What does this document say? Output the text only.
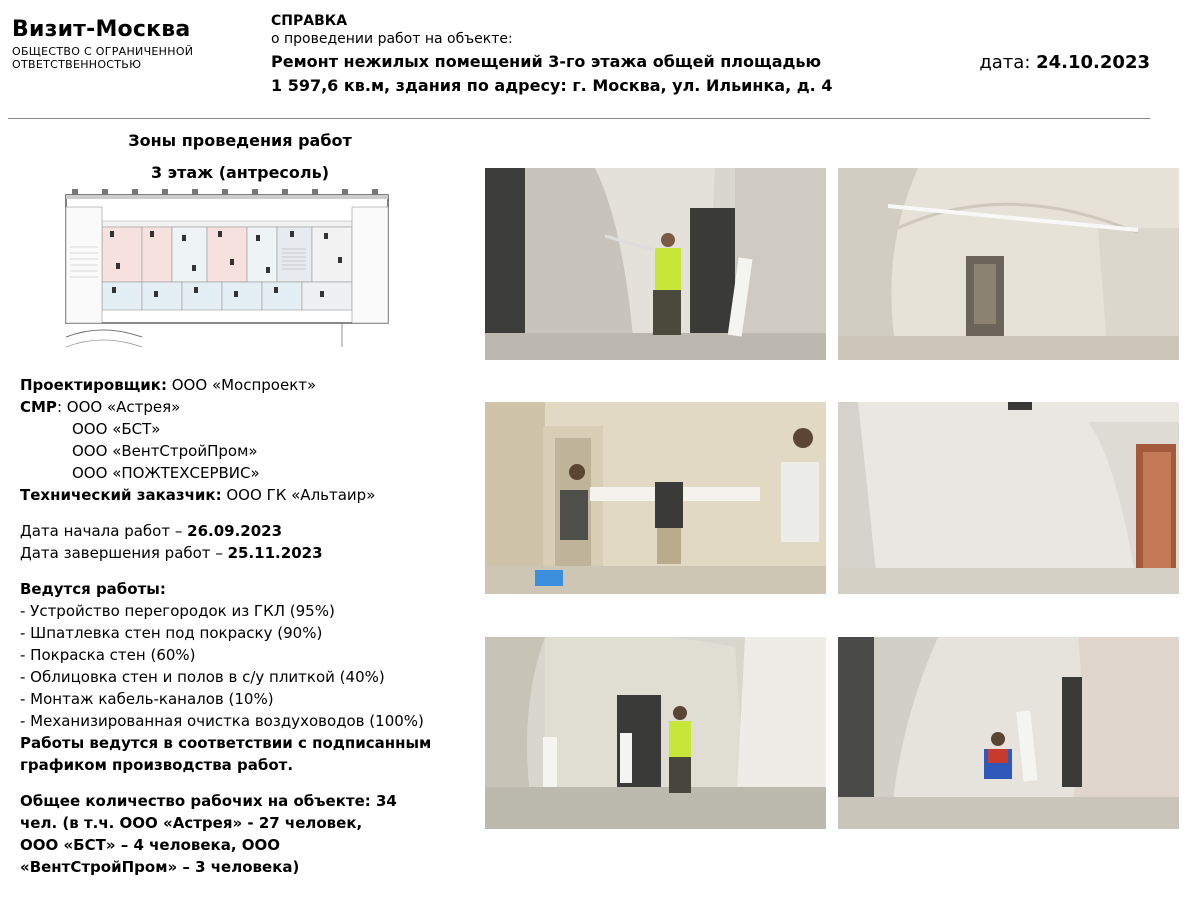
Визит-Москва
ОБЩЕСТВО С ОГРАНИЧЕННОЙ ОТВЕТСТВЕННОСТЬЮ
СПРАВКА
о проведении работ на объекте:
Ремонт нежилых помещений 3-го этажа общей площадью
1 597,6 кв.м, здания по адресу: г. Москва, ул. Ильинка, д. 4
дата: 24.10.2023
Зоны проведения работ
3 этаж (антресоль)

Проектировщик: ООО «Моспроект»

СМР: ООО «Астрея»

ООО «БСТ»

ООО «ВентСтройПром»

ООО «ПОЖТЕХСЕРВИС»

Технический заказчик: ООО ГК «Альтаир»

Дата начала работ – 26.09.2023

Дата завершения работ – 25.11.2023

Ведутся работы:

- Устройство перегородок из ГКЛ (95%)

- Шпатлевка стен под покраску (90%)

- Покраска стен (60%)

- Облицовка стен и полов в с/у плиткой (40%)

- Монтаж кабель-каналов (10%)

- Механизированная очистка воздуховодов (100%)

Работы ведутся в соответствии с подписанным
графиком производства работ.

Общее количество рабочих на объекте: 34
чел. (в т.ч. ООО «Астрея» - 27 человек,
ООО «БСТ» – 4 человека, ООО
«ВентСтройПром» – 3 человека)
